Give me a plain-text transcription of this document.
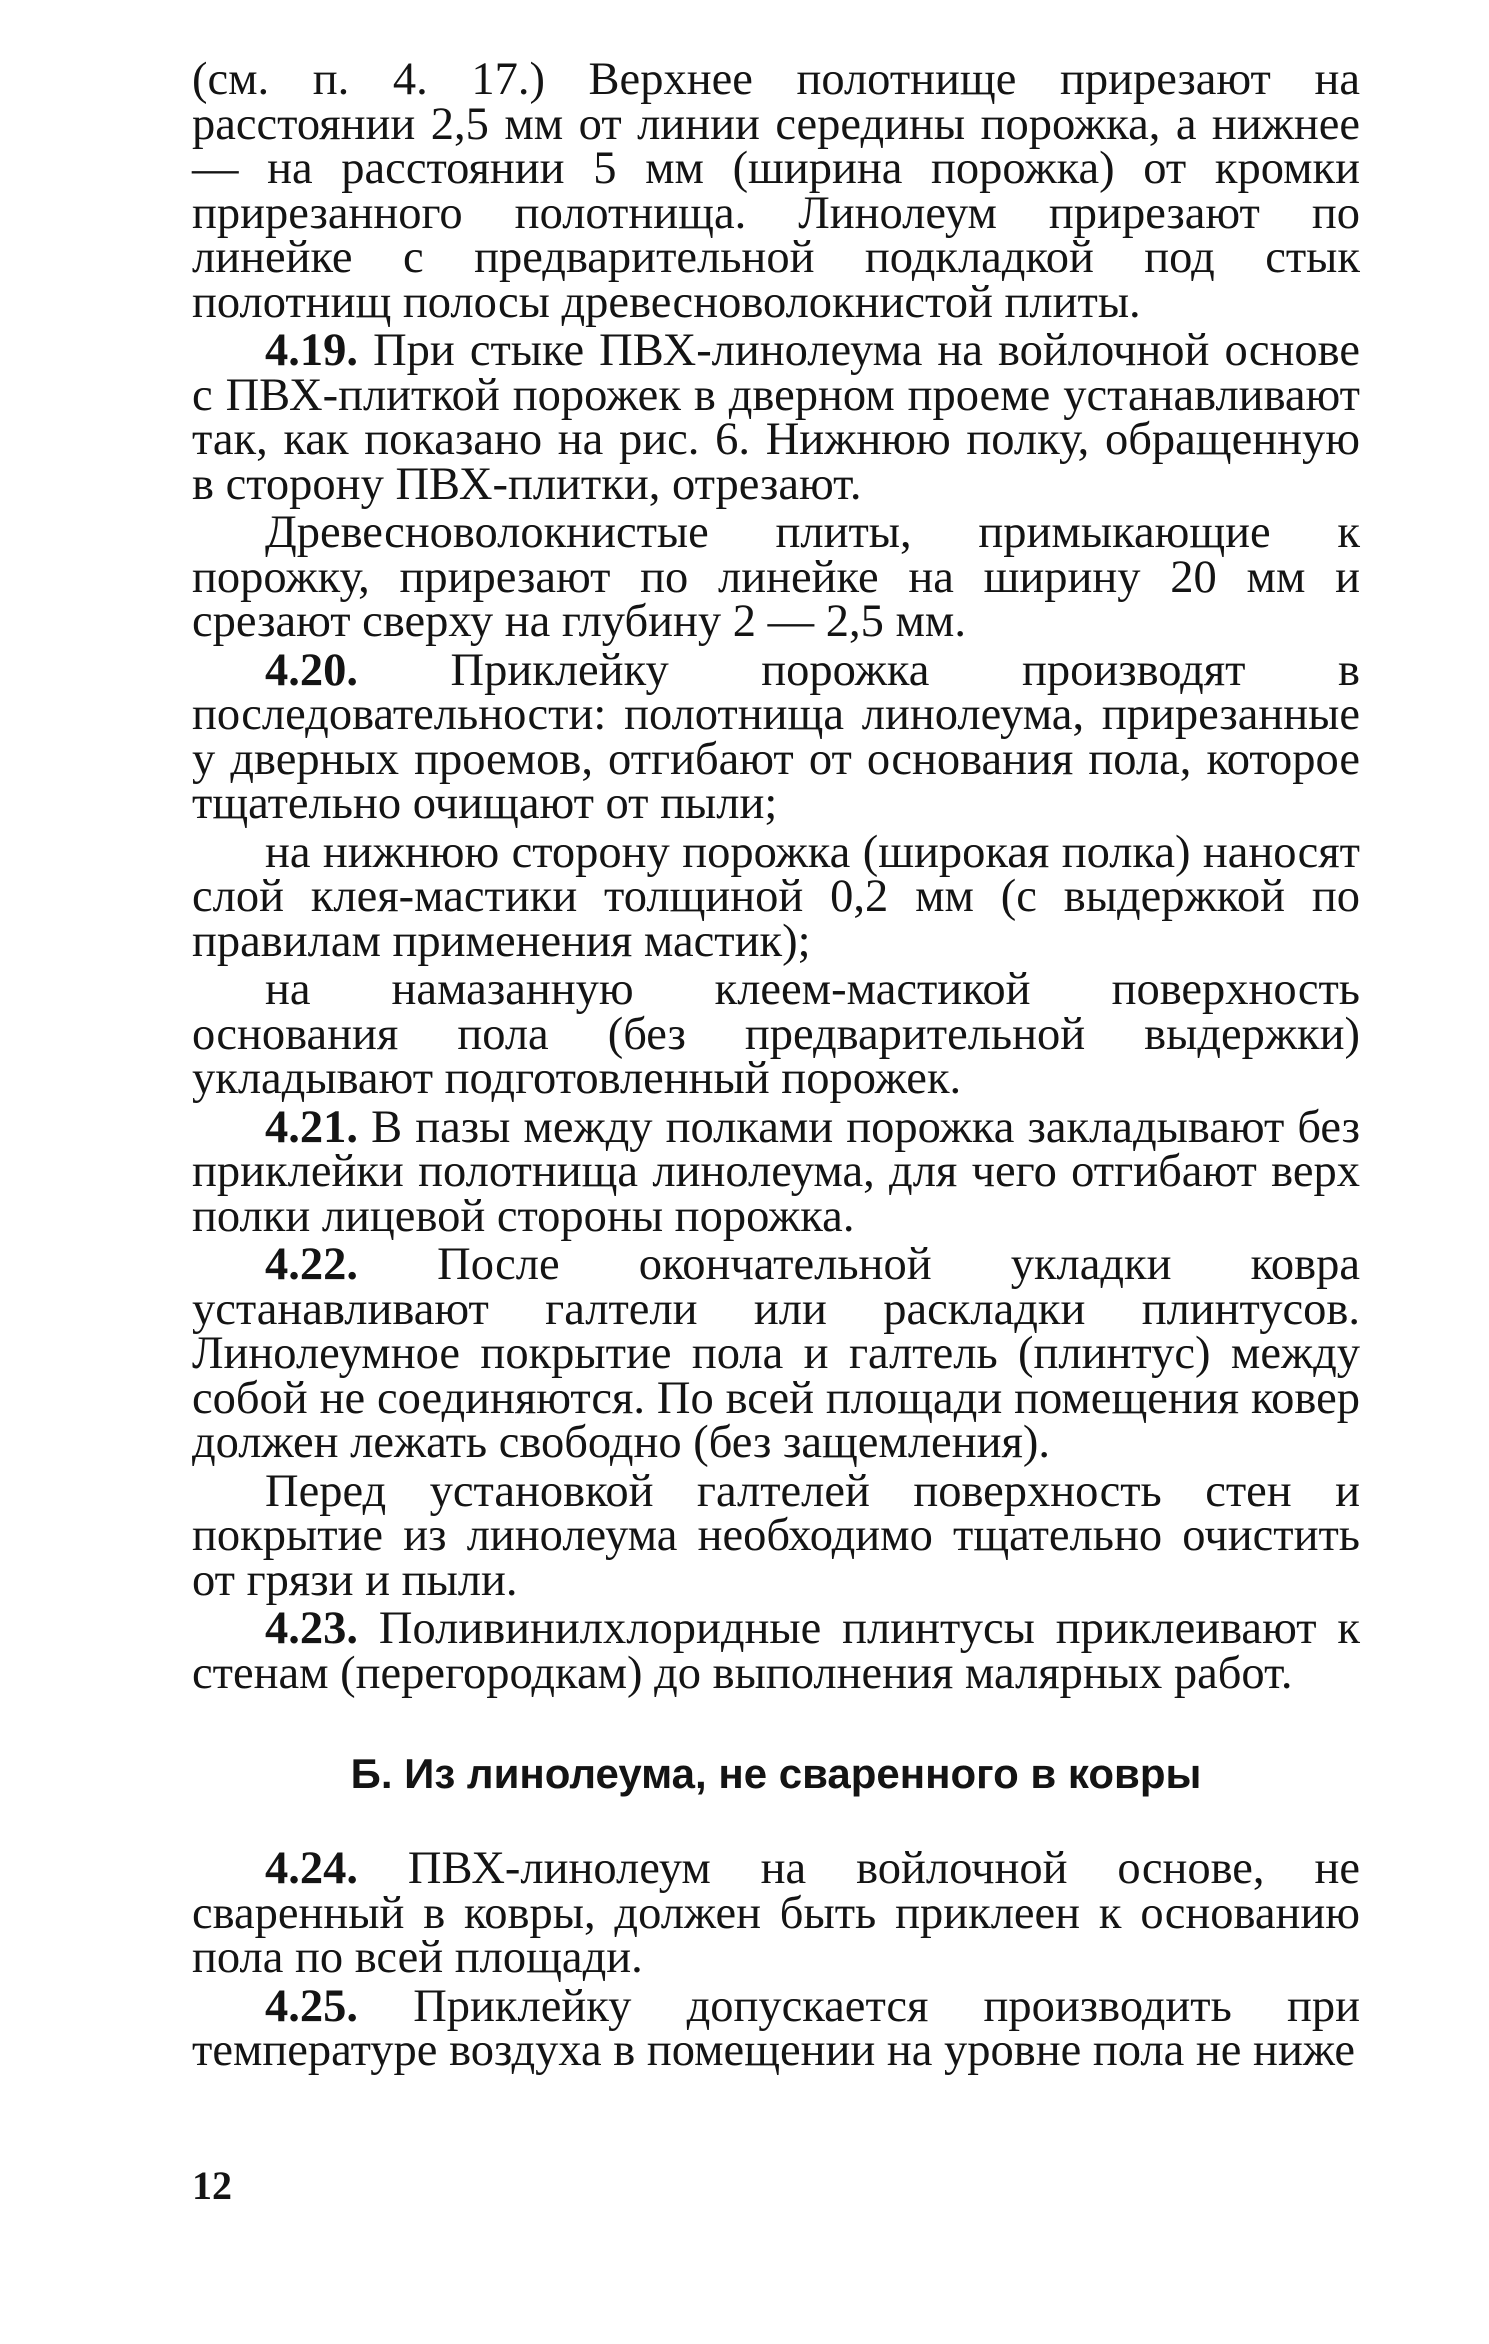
(см. п. 4. 17.) Верхнее полотнище прирезают на расстоянии 2,5 мм от линии середины порожка, а нижнее — на расстоянии 5 мм (ширина порожка) от кромки прирезанного полотнища. Линолеум прирезают по линейке с предварительной подкладкой под стык полотнищ полосы древесноволокнистой плиты.

4.19. При стыке ПВХ-линолеума на войлочной основе с ПВХ-плиткой порожек в дверном проеме устанавливают так, как показано на рис. 6. Нижнюю полку, обращенную в сторону ПВХ-плитки, отрезают.

Древесноволокнистые плиты, примыкающие к порожку, прирезают по линейке на ширину 20 мм и срезают сверху на глубину 2 — 2,5 мм.

4.20. Приклейку порожка производят в последовательности: полотнища линолеума, прирезанные у дверных проемов, отгибают от основания пола, которое тщательно очищают от пыли;

на нижнюю сторону порожка (широкая полка) наносят слой клея-мастики толщиной 0,2 мм (с выдержкой по правилам применения мастик);

на намазанную клеем-мастикой поверхность основания пола (без предварительной выдержки) укладывают подготовленный порожек.

4.21. В пазы между полками порожка закладывают без приклейки полотнища линолеума, для чего отгибают верх полки лицевой стороны порожка.

4.22. После окончательной укладки ковра устанавливают галтели или раскладки плинтусов. Линолеумное покрытие пола и галтель (плинтус) между собой не соединяются. По всей площади помещения ковер должен лежать свободно (без защемления).

Перед установкой галтелей поверхность стен и покрытие из линолеума необходимо тщательно очистить от грязи и пыли.

4.23. Поливинилхлоридные плинтусы приклеивают к стенам (перегородкам) до выполнения малярных работ.

Б. Из линолеума, не сваренного в ковры

4.24. ПВХ-линолеум на войлочной основе, не сваренный в ковры, должен быть приклеен к основанию пола по всей площади.

4.25. Приклейку допускается производить при температуре воздуха в помещении на уровне пола не ниже

12
